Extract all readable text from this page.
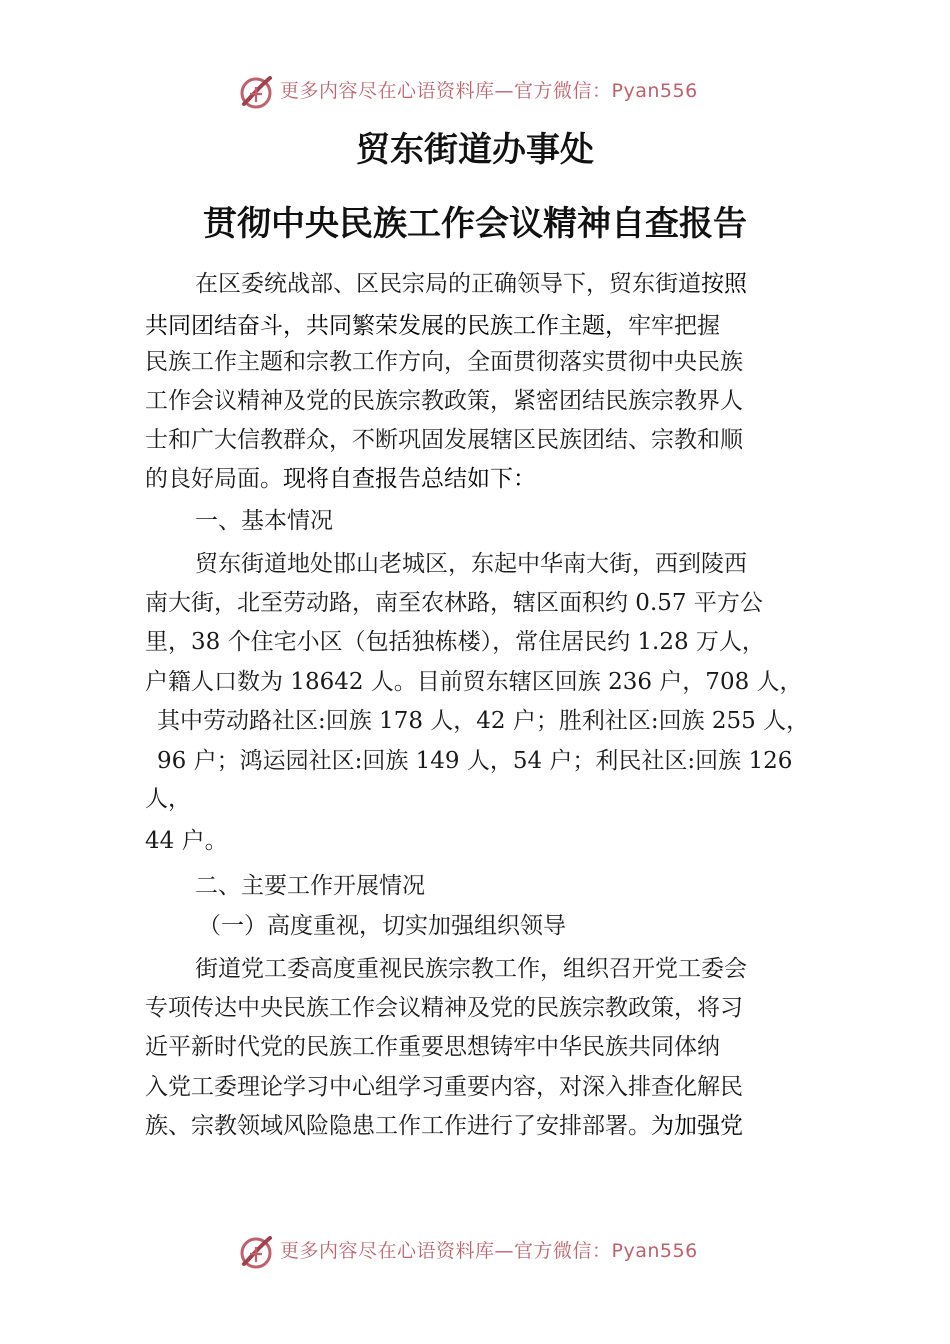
更多内容尽在心语资料库—官方微信：Pyan556
贸东街道办事处
贯彻中央民族工作会议精神自查报告
在区委统战部、区民宗局的正确领导下，贸东街道按照
共同团结奋斗，共同繁荣发展的民族工作主题，牢牢把握
民族工作主题和宗教工作方向，全面贯彻落实贯彻中央民族
工作会议精神及党的民族宗教政策，紧密团结民族宗教界人
士和广大信教群众，不断巩固发展辖区民族团结、宗教和顺
的良好局面。现将自查报告总结如下：
一、基本情况
贸东街道地处邯山老城区，东起中华南大街，西到陵西
南大街，北至劳动路，南至农林路，辖区面积约 0.57 平方公
里，38 个住宅小区（包括独栋楼），常住居民约 1.28 万人，
户籍人口数为 18642 人。目前贸东辖区回族 236 户，708 人，
其中劳动路社区:回族 178 人，42 户；胜利社区:回族 255 人，
96 户；鸿运园社区:回族 149 人，54 户；利民社区:回族 126
人，
44 户。
二、主要工作开展情况
（一）高度重视，切实加强组织领导
街道党工委高度重视民族宗教工作，组织召开党工委会
专项传达中央民族工作会议精神及党的民族宗教政策，将习
近平新时代党的民族工作重要思想铸牢中华民族共同体纳
入党工委理论学习中心组学习重要内容，对深入排查化解民
族、宗教领域风险隐患工作工作进行了安排部署。为加强党
更多内容尽在心语资料库—官方微信：Pyan556
